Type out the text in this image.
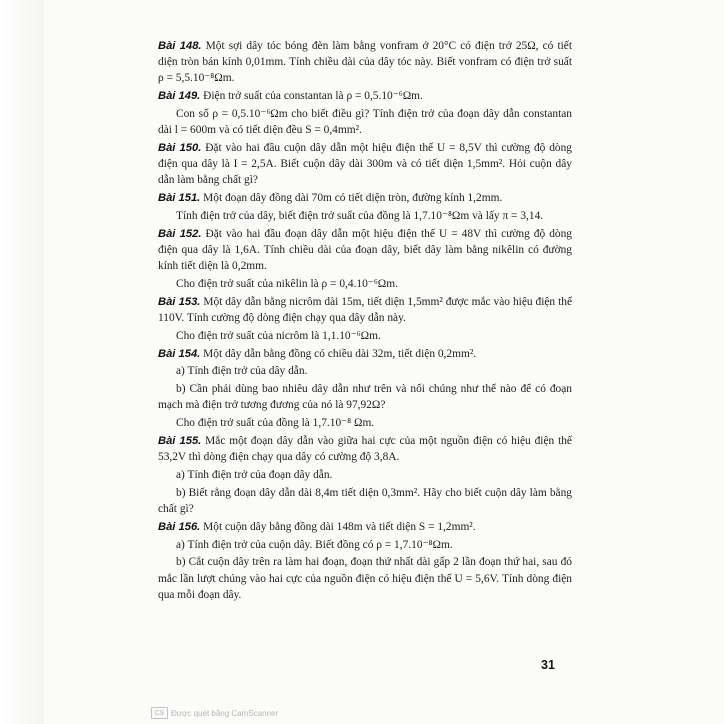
Bài 148. Một sợi dây tóc bóng đèn làm bằng vonfram ở 20°C có điện trở 25Ω, có tiết diện tròn bán kính 0,01mm. Tính chiều dài của dây tóc này. Biết vonfram có điện trở suất ρ = 5,5.10⁻⁸Ωm.

Bài 149. Điện trở suất của constantan là ρ = 0,5.10⁻⁶Ωm.

Con số ρ = 0,5.10⁻⁶Ωm cho biết điều gì? Tính điện trở của đoạn dây dẫn constantan dài l = 600m và có tiết diện đều S = 0,4mm².

Bài 150. Đặt vào hai đầu cuộn dây dẫn một hiệu điện thế U = 8,5V thì cường độ dòng điện qua dây là I = 2,5A. Biết cuộn dây dài 300m và có tiết diện 1,5mm². Hỏi cuộn dây dẫn làm bằng chất gì?

Bài 151. Một đoạn dây đồng dài 70m có tiết diện tròn, đường kính 1,2mm.

Tính điện trở của dây, biết điện trở suất của đồng là 1,7.10⁻⁸Ωm và lấy π = 3,14.

Bài 152. Đặt vào hai đầu đoạn dây dẫn một hiệu điện thế U = 48V thì cường độ dòng điện qua dây là 1,6A. Tính chiều dài của đoạn dây, biết dây làm bằng nikêlin có đường kính tiết diện là 0,2mm.

Cho điện trở suất của nikêlin là ρ = 0,4.10⁻⁶Ωm.

Bài 153. Một dây dẫn bằng nicrôm dài 15m, tiết diện 1,5mm² được mắc vào hiệu điện thế 110V. Tính cường độ dòng điện chạy qua dây dẫn này.

Cho điện trở suất của nicrôm là 1,1.10⁻⁶Ωm.

Bài 154. Một dây dẫn bằng đồng có chiều dài 32m, tiết diện 0,2mm².

a) Tính điện trở của dây dẫn.

b) Cần phải dùng bao nhiêu dây dẫn như trên và nối chúng như thế nào để có đoạn mạch mà điện trở tương đương của nó là 97,92Ω?

Cho điện trở suất của đồng là 1,7.10⁻⁸ Ωm.

Bài 155. Mắc một đoạn dây dẫn vào giữa hai cực của một nguồn điện có hiệu điện thế 53,2V thì dòng điện chạy qua dây có cường độ 3,8A.

a) Tính điện trở của đoạn dây dẫn.

b) Biết rằng đoạn dây dẫn dài 8,4m tiết diện 0,3mm². Hãy cho biết cuộn dây làm bằng chất gì?

Bài 156. Một cuộn dây bằng đồng dài 148m và tiết diện S = 1,2mm².

a) Tính điện trở của cuộn dây. Biết đồng có ρ = 1,7.10⁻⁸Ωm.

b) Cắt cuộn dây trên ra làm hai đoạn, đoạn thứ nhất dài gấp 2 lần đoạn thứ hai, sau đó mắc lần lượt chúng vào hai cực của nguồn điện có hiệu điện thế U = 5,6V. Tính dòng điện qua mỗi đoạn dây.

31
CS Được quét bằng CamScanner
